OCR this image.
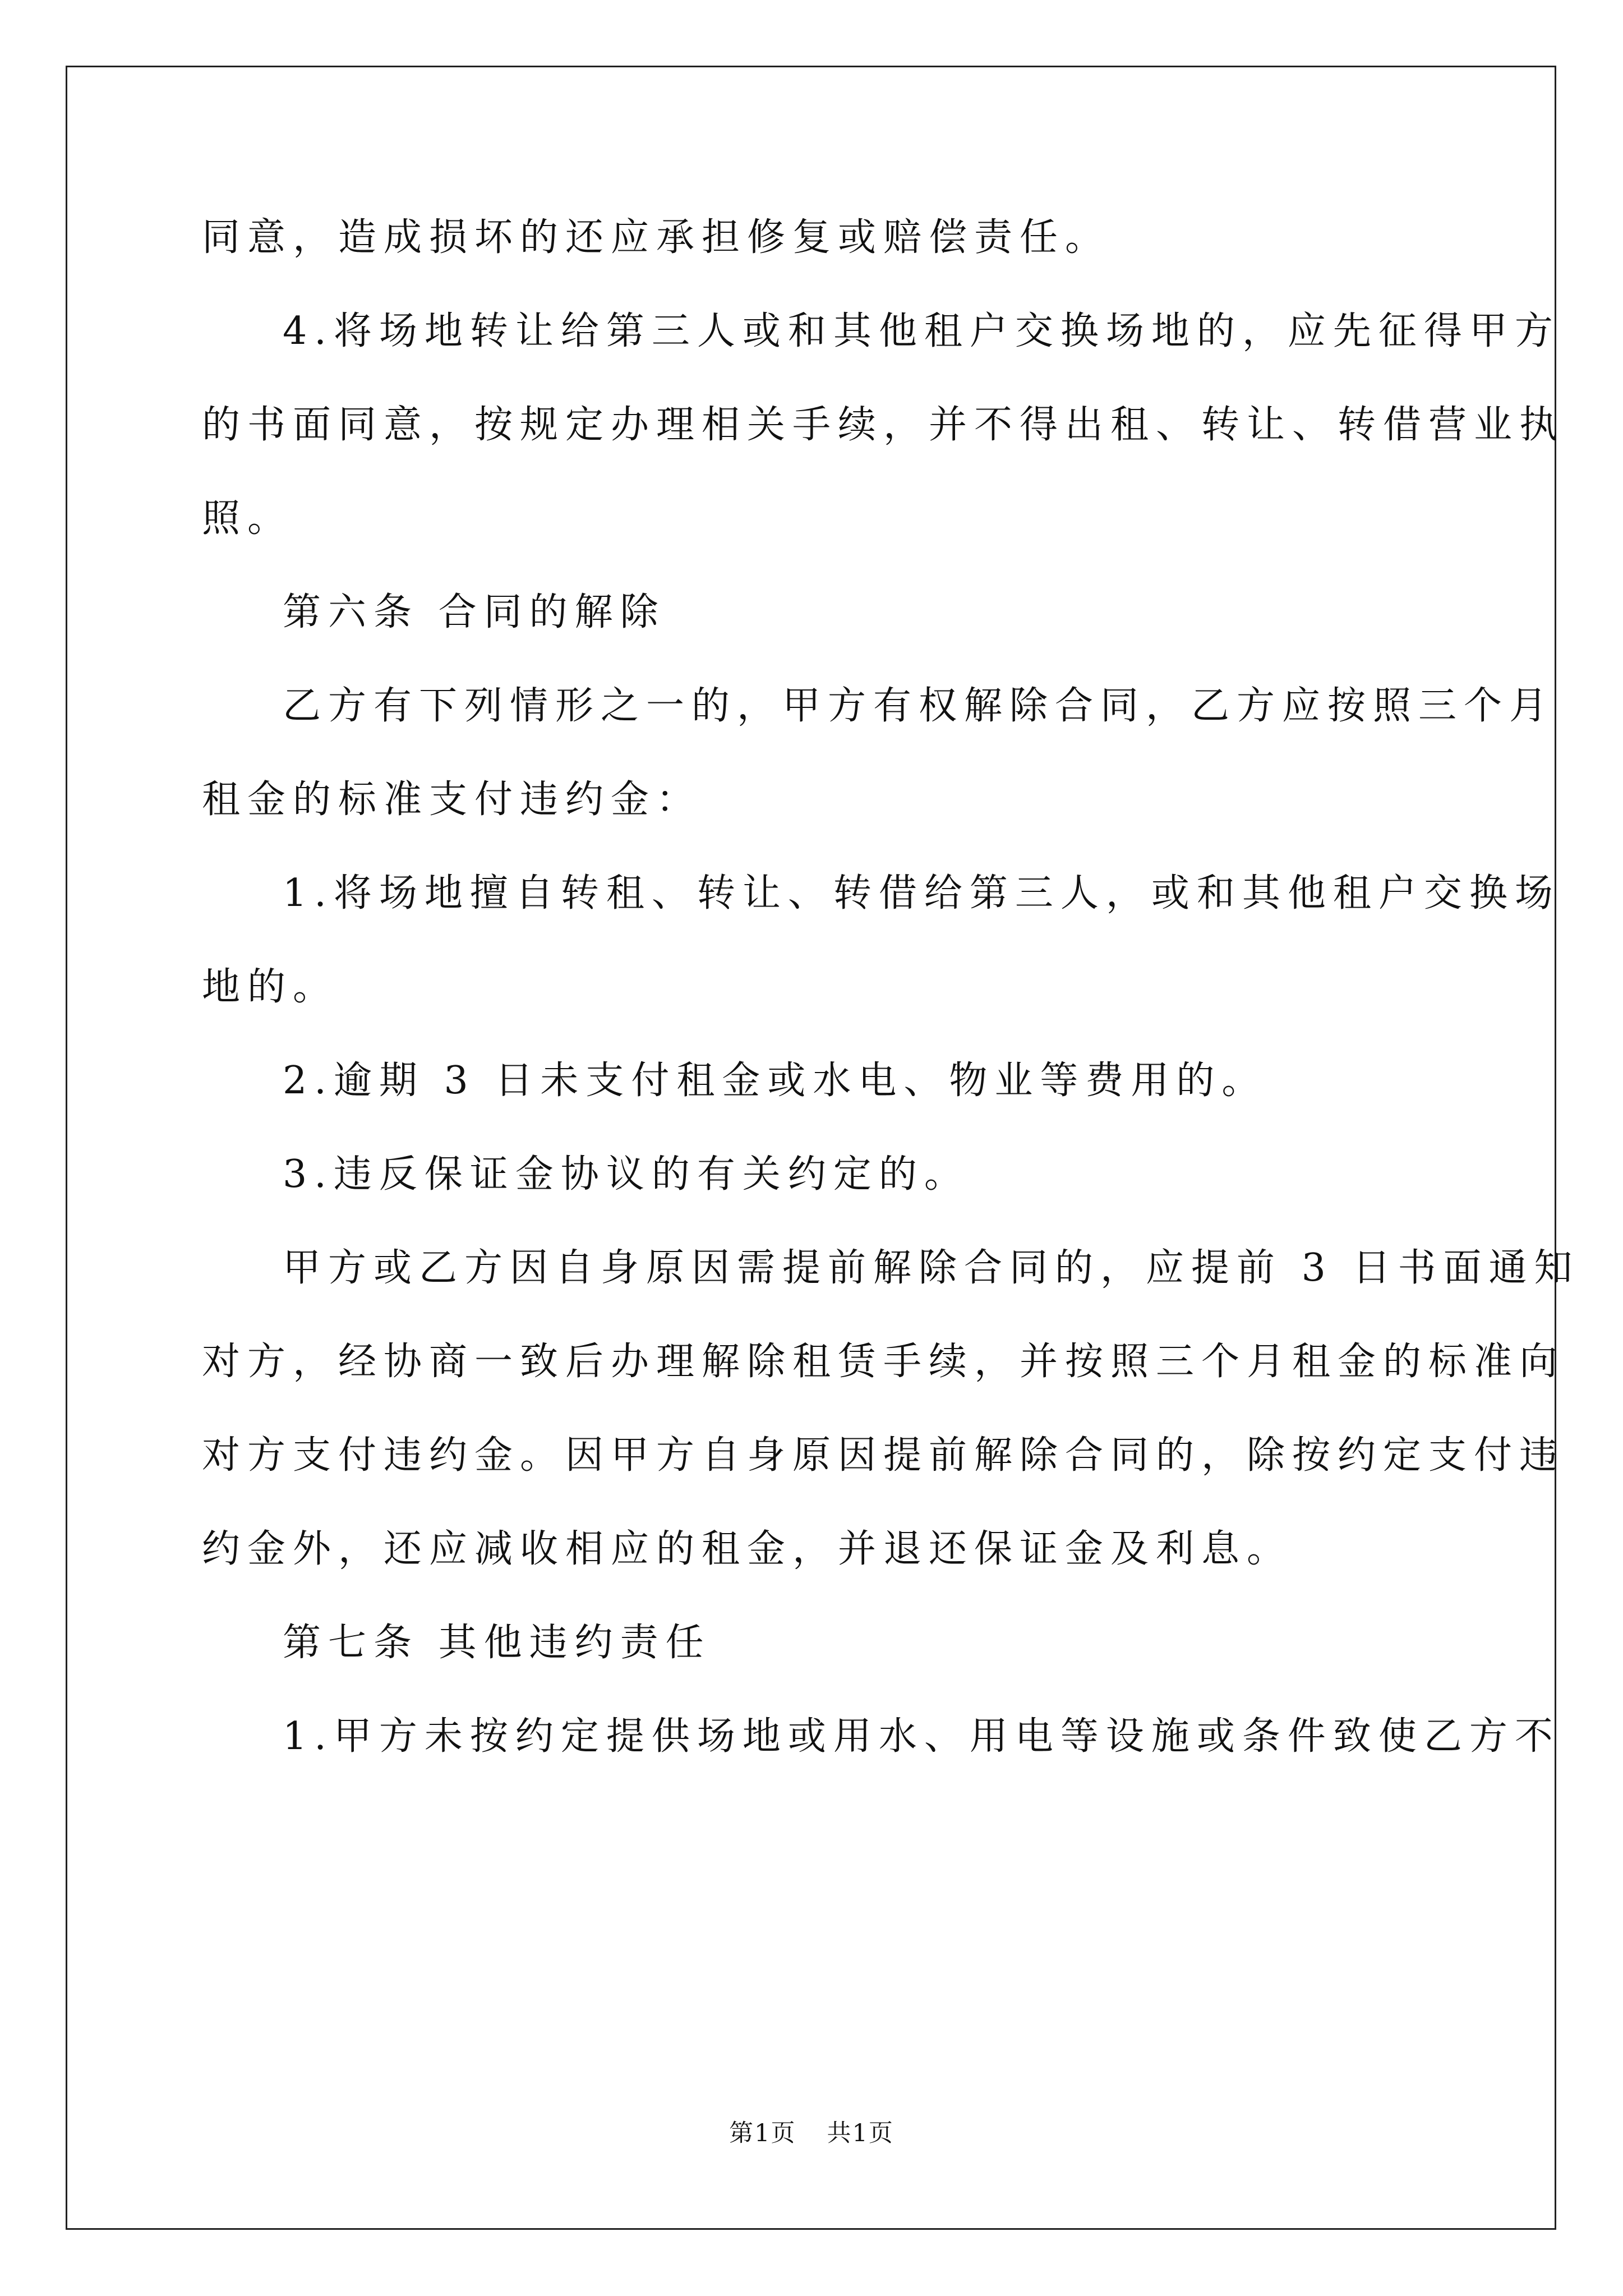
同意，造成损坏的还应承担修复或赔偿责任。

4.将场地转让给第三人或和其他租户交换场地的，应先征得甲方

的书面同意，按规定办理相关手续，并不得出租、转让、转借营业执

照。

第六条 合同的解除

乙方有下列情形之一的，甲方有权解除合同，乙方应按照三个月

租金的标准支付违约金：

1.将场地擅自转租、转让、转借给第三人，或和其他租户交换场

地的。

2.逾期 3 日未支付租金或水电、物业等费用的。

3.违反保证金协议的有关约定的。

甲方或乙方因自身原因需提前解除合同的，应提前 3 日书面通知

对方，经协商一致后办理解除租赁手续，并按照三个月租金的标准向

对方支付违约金。因甲方自身原因提前解除合同的，除按约定支付违

约金外，还应减收相应的租金，并退还保证金及利息。

第七条 其他违约责任

1.甲方未按约定提供场地或用水、用电等设施或条件致使乙方不

第1页 共1页
